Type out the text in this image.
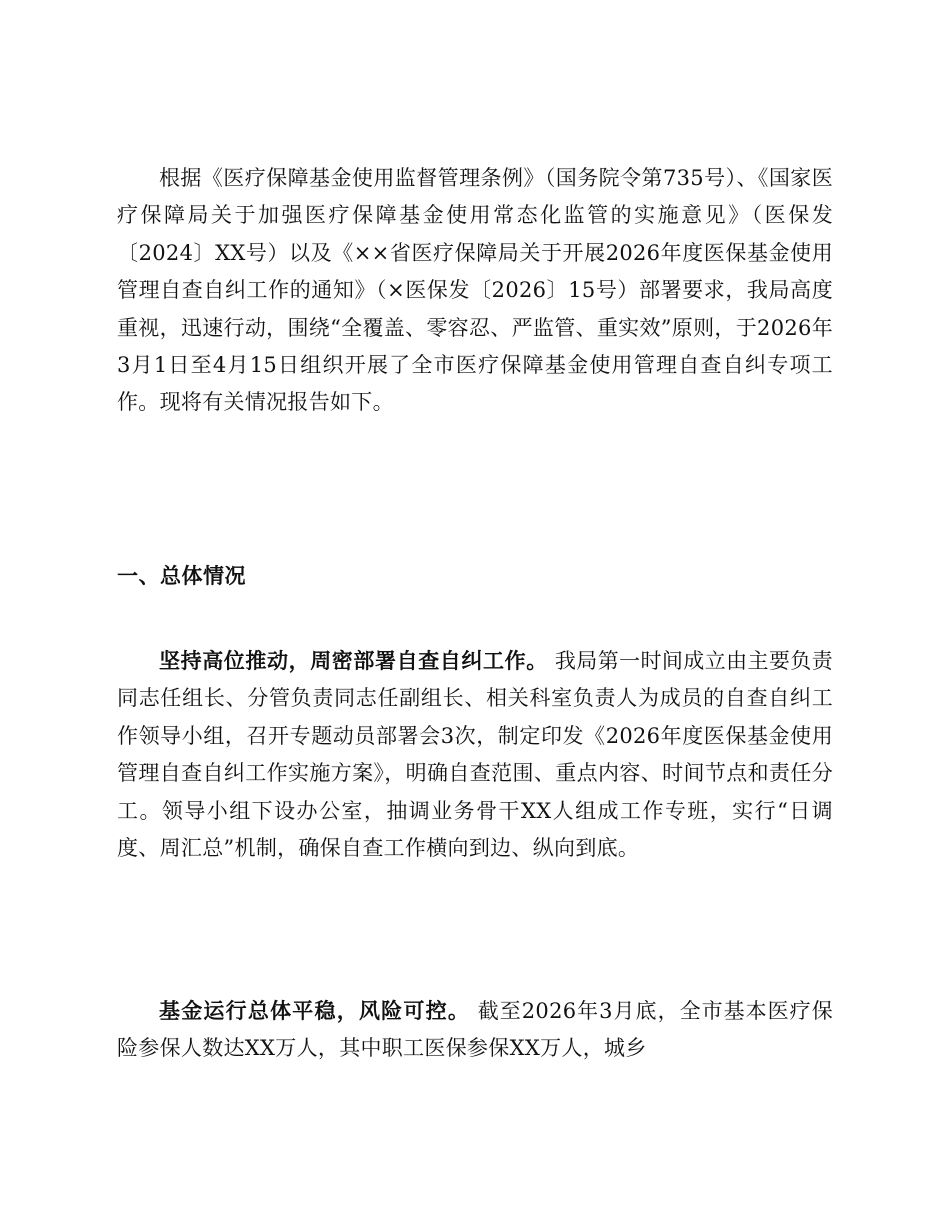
根据《医疗保障基金使用监督管理条例》（国务院令第735号）、《国家医疗保障局关于加强医疗保障基金使用常态化监管的实施意见》（医保发〔2024〕XX号）以及《××省医疗保障局关于开展2026年度医保基金使用管理自查自纠工作的通知》（×医保发〔2026〕15号）部署要求，我局高度重视，迅速行动，围绕“全覆盖、零容忍、严监管、重实效”原则，于2026年3月1日至4月15日组织开展了全市医疗保障基金使用管理自查自纠专项工作。现将有关情况报告如下。

一、总体情况

坚持高位推动，周密部署自查自纠工作。 我局第一时间成立由主要负责同志任组长、分管负责同志任副组长、相关科室负责人为成员的自查自纠工作领导小组，召开专题动员部署会3次，制定印发《2026年度医保基金使用管理自查自纠工作实施方案》，明确自查范围、重点内容、时间节点和责任分工。领导小组下设办公室，抽调业务骨干XX人组成工作专班，实行“日调度、周汇总”机制，确保自查工作横向到边、纵向到底。

基金运行总体平稳，风险可控。 截至2026年3月底，全市基本医疗保险参保人数达XX万人，其中职工医保参保XX万人，城乡
